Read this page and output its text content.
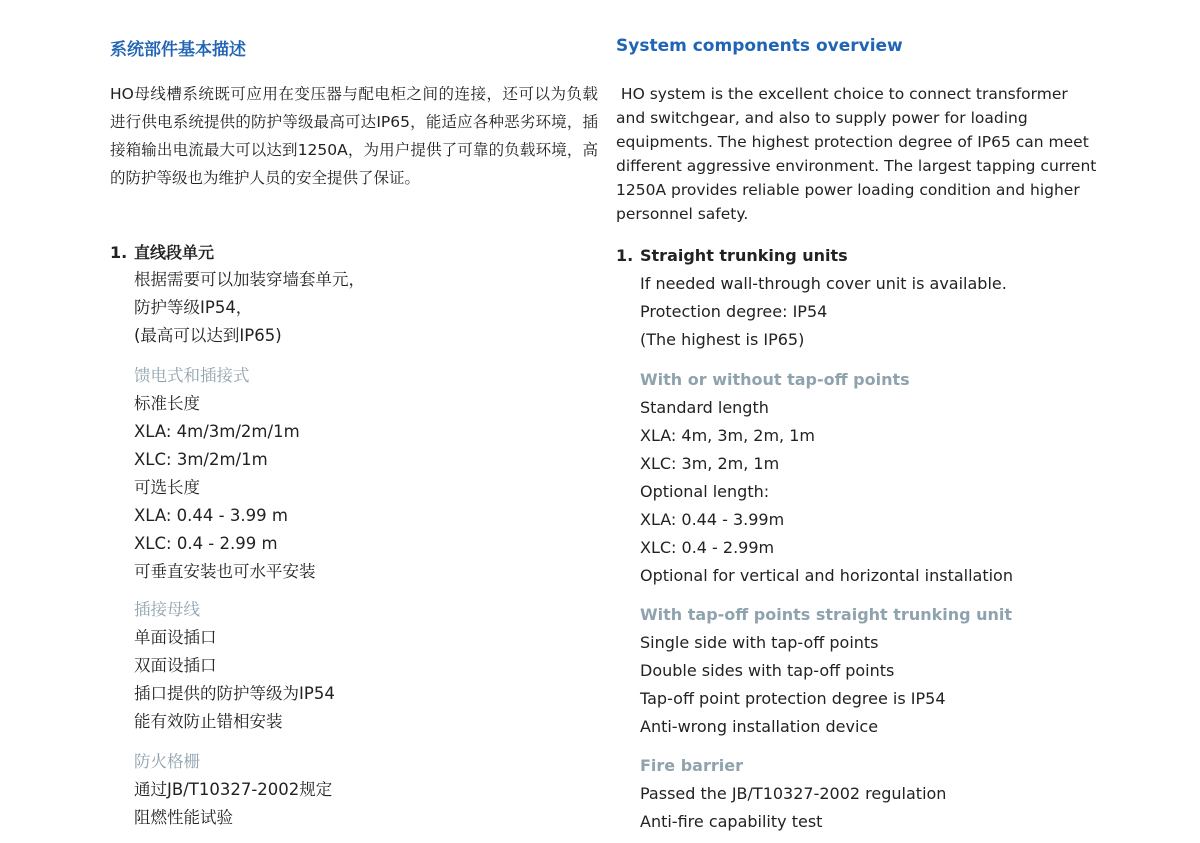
系统部件基本描述

HO母线槽系统既可应用在变压器与配电柜之间的连接，还可以为负载进行供电系统提供的防护等级最高可达IP65，能适应各种恶劣环境，插接箱输出电流最大可以达到1250A，为用户提供了可靠的负载环境，高的防护等级也为维护人员的安全提供了保证。

1. 直线段单元
根据需要可以加装穿墙套单元，
防护等级IP54，
(最高可以达到IP65)
馈电式和插接式
标准长度
XLA: 4m/3m/2m/1m
XLC: 3m/2m/1m
可选长度
XLA: 0.44 - 3.99 m
XLC: 0.4 - 2.99 m
可垂直安装也可水平安装
插接母线
单面设插口
双面设插口
插口提供的防护等级为IP54
能有效防止错相安装
防火格栅
通过JB/T10327-2002规定
阻燃性能试验
System components overview
HO system is the excellent choice to connect transformer
and switchgear, and also to supply power for loading
equipments. The highest protection degree of IP65 can meet
different aggressive environment. The largest tapping current
1250A provides reliable power loading condition and higher
personnel safety.
1. Straight trunking units
If needed wall-through cover unit is available.
Protection degree: IP54
(The highest is IP65)
With or without tap-off points
Standard length
XLA: 4m, 3m, 2m, 1m
XLC: 3m, 2m, 1m
Optional length:
XLA: 0.44 - 3.99m
XLC: 0.4 - 2.99m
Optional for vertical and horizontal installation
With tap-off points straight trunking unit
Single side with tap-off points
Double sides with tap-off points
Tap-off point protection degree is IP54
Anti-wrong installation device
Fire barrier
Passed the JB/T10327-2002 regulation
Anti-fire capability test
